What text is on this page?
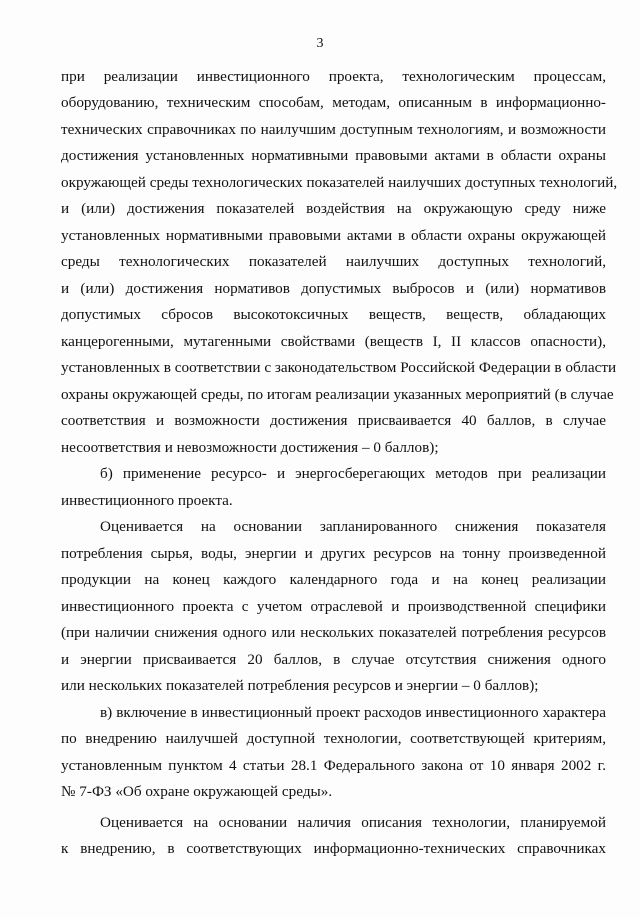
3
при реализации инвестиционного проекта, технологическим процессам,
оборудованию, техническим способам, методам, описанным в информационно-
технических справочниках по наилучшим доступным технологиям, и возможности
достижения установленных нормативными правовыми актами в области охраны
окружающей среды технологических показателей наилучших доступных технологий,
и (или) достижения показателей воздействия на окружающую среду ниже
установленных нормативными правовыми актами в области охраны окружающей
среды технологических показателей наилучших доступных технологий,
и (или) достижения нормативов допустимых выбросов и (или) нормативов
допустимых сбросов высокотоксичных веществ, веществ, обладающих
канцерогенными, мутагенными свойствами (веществ I, II классов опасности),
установленных в соответствии с законодательством Российской Федерации в области
охраны окружающей среды, по итогам реализации указанных мероприятий (в случае
соответствия и возможности достижения присваивается 40 баллов, в случае
несоответствия и невозможности достижения – 0 баллов);
б) применение ресурсо- и энергосберегающих методов при реализации
инвестиционного проекта.
Оценивается на основании запланированного снижения показателя
потребления сырья, воды, энергии и других ресурсов на тонну произведенной
продукции на конец каждого календарного года и на конец реализации
инвестиционного проекта с учетом отраслевой и производственной специфики
(при наличии снижения одного или нескольких показателей потребления ресурсов
и энергии присваивается 20 баллов, в случае отсутствия снижения одного
или нескольких показателей потребления ресурсов и энергии – 0 баллов);
в) включение в инвестиционный проект расходов инвестиционного характера
по внедрению наилучшей доступной технологии, соответствующей критериям,
установленным пунктом 4 статьи 28.1 Федерального закона от 10 января 2002 г.
№ 7-ФЗ «Об охране окружающей среды».
Оценивается на основании наличия описания технологии, планируемой
к внедрению, в соответствующих информационно-технических справочниках
